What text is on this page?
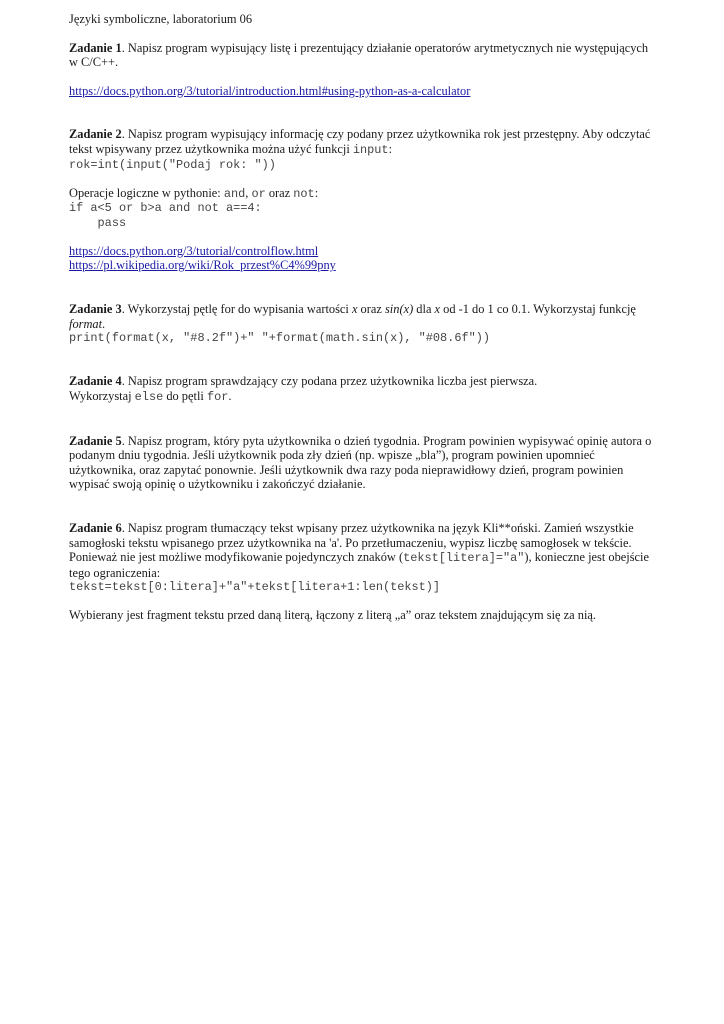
Języki symboliczne, laboratorium 06
Zadanie 1. Napisz program wypisujący listę i prezentujący działanie operatorów arytmetycznych nie występujących w C/C++.
https://docs.python.org/3/tutorial/introduction.html#using-python-as-a-calculator
Zadanie 2. Napisz program wypisujący informację czy podany przez użytkownika rok jest przestępny. Aby odczytać tekst wpisywany przez użytkownika można użyć funkcji input:
rok=int(input("Podaj rok: "))
Operacje logiczne w pythonie: and, or oraz not:
if a<5 or b>a and not a==4:
pass
https://docs.python.org/3/tutorial/controlflow.html
https://pl.wikipedia.org/wiki/Rok_przest%C4%99pny
Zadanie 3. Wykorzystaj pętlę for do wypisania wartości x oraz sin(x) dla x od -1 do 1 co 0.1. Wykorzystaj funkcję format.
print(format(x, "#8.2f")+" "+format(math.sin(x), "#08.6f"))
Zadanie 4. Napisz program sprawdzający czy podana przez użytkownika liczba jest pierwsza.
Wykorzystaj else do pętli for.
Zadanie 5. Napisz program, który pyta użytkownika o dzień tygodnia. Program powinien wypisywać opinię autora o podanym dniu tygodnia. Jeśli użytkownik poda zły dzień (np. wpisze „bla”), program powinien upomnieć użytkownika, oraz zapytać ponownie. Jeśli użytkownik dwa razy poda nieprawidłowy dzień, program powinien wypisać swoją opinię o użytkowniku i zakończyć działanie.
Zadanie 6. Napisz program tłumaczący tekst wpisany przez użytkownika na język Kli**oński. Zamień wszystkie samogłoski tekstu wpisanego przez użytkownika na 'a'. Po przetłumaczeniu, wypisz liczbę samogłosek w tekście. Ponieważ nie jest możliwe modyfikowanie pojedynczych znaków (tekst[litera]="a"), konieczne jest obejście tego ograniczenia:
tekst=tekst[0:litera]+"a"+tekst[litera+1:len(tekst)]
Wybierany jest fragment tekstu przed daną literą, łączony z literą „a” oraz tekstem znajdującym się za nią.
